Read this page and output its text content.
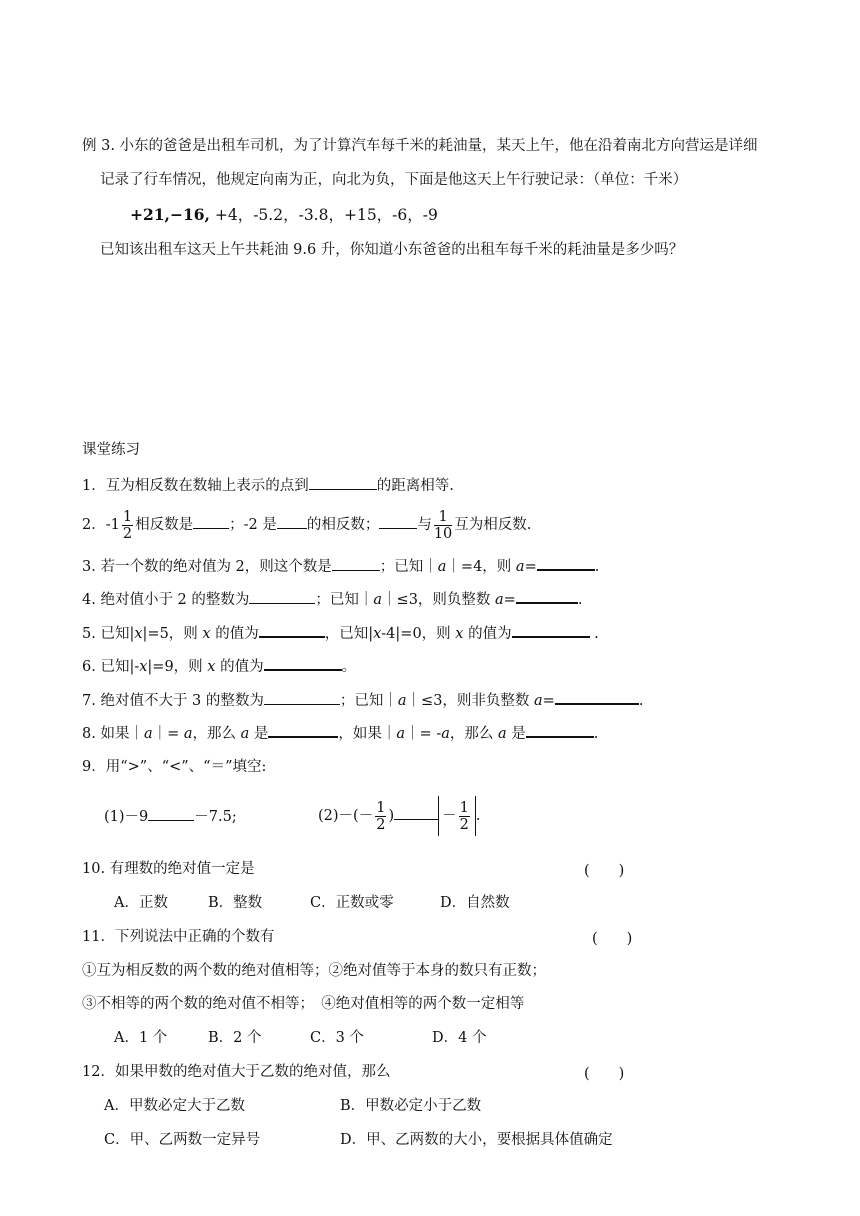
例 3. 小东的爸爸是出租车司机，为了计算汽车每千米的耗油量，某天上午，他在沿着南北方向营运是详细
记录了行车情况，他规定向南为正，向北为负，下面是他这天上午行驶记录：（单位：千米）
+21,−16, +4，-5.2，-3.8，+15，-6，-9
已知该出租车这天上午共耗油 9.6 升，你知道小东爸爸的出租车每千米的耗油量是多少吗？
课堂练习
1．互为相反数在数轴上表示的点到	的距离相等.
2．$-1 \frac{1}{2}$ 相反数是 ；-2 是 的相反数；	与 $\frac{1}{10}$ 互为相反数.
3. 若一个数的绝对值为 2，则这个数是	；已知｜a｜=4，则 a=	.
4. 绝对值小于 2 的整数为	；已知｜a｜≤3，则负整数 a=	.
5. 已知|x|=5，则 x 的值为	，已知|x-4|=0，则 x 的值为	.
6. 已知|-x|=9，则 x 的值为	。
7. 绝对值不大于 3 的整数为	；已知｜a｜≤3，则非负整数 a=	.
8. 如果｜a｜= a，那么 a 是	，如果｜a｜= -a，那么 a 是	.
9．用“>”、“<”、“＝”填空:
(1)－9	－7.5;	$(2)-(- \frac{1}{2}$ )	－ $\frac{1}{2}$ .
10. 有理数的绝对值一定是	(　　)
A．正数	B．整数	C．正数或零	D．自然数
11．下列说法中正确的个数有	(　　)
①互为相反数的两个数的绝对值相等；②绝对值等于本身的数只有正数；
③不相等的两个数的绝对值不相等；　④绝对值相等的两个数一定相等
A．1 个	B．2 个	C．3 个	D．4 个
12．如果甲数的绝对值大于乙数的绝对值，那么	(　　)
A．甲数必定大于乙数	B．甲数必定小于乙数
C．甲、乙两数一定异号	D．甲、乙两数的大小，要根据具体值确定
